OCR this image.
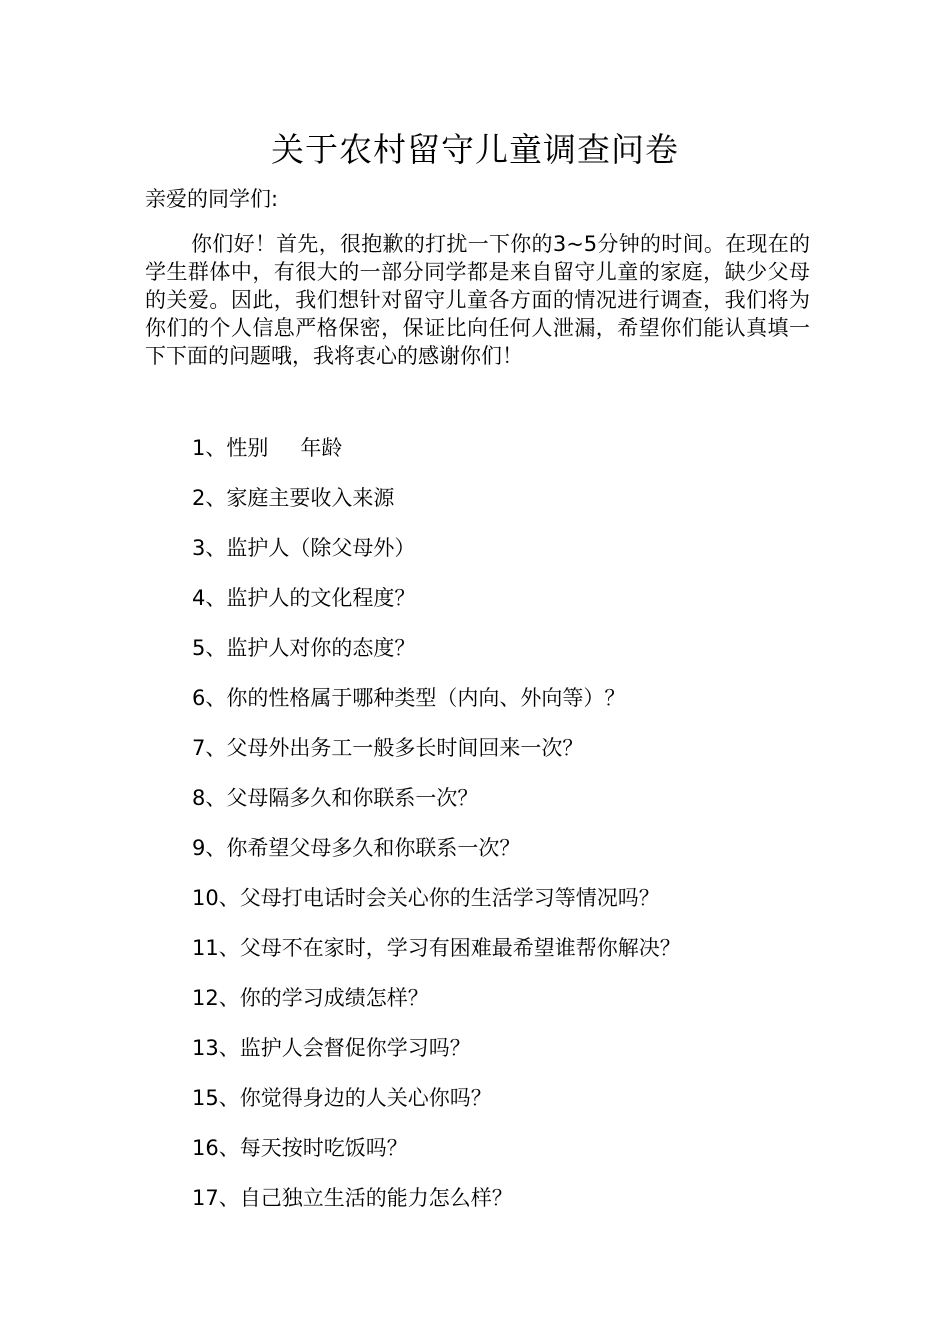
关于农村留守儿童调查问卷
亲爱的同学们:
你们好！首先，很抱歉的打扰一下你的3~5分钟的时间。在现在的学生群体中，有很大的一部分同学都是来自留守儿童的家庭，缺少父母的关爱。因此，我们想针对留守儿童各方面的情况进行调查，我们将为你们的个人信息严格保密，保证比向任何人泄漏，希望你们能认真填一下下面的问题哦，我将衷心的感谢你们！
1、性别 年龄
2、家庭主要收入来源
3、监护人（除父母外）
4、监护人的文化程度？
5、监护人对你的态度？
6、你的性格属于哪种类型（内向、外向等）？
7、父母外出务工一般多长时间回来一次？
8、父母隔多久和你联系一次？
9、你希望父母多久和你联系一次？
10、父母打电话时会关心你的生活学习等情况吗？
11、父母不在家时，学习有困难最希望谁帮你解决？
12、你的学习成绩怎样？
13、监护人会督促你学习吗？
15、你觉得身边的人关心你吗？
16、每天按时吃饭吗？
17、自己独立生活的能力怎么样？
